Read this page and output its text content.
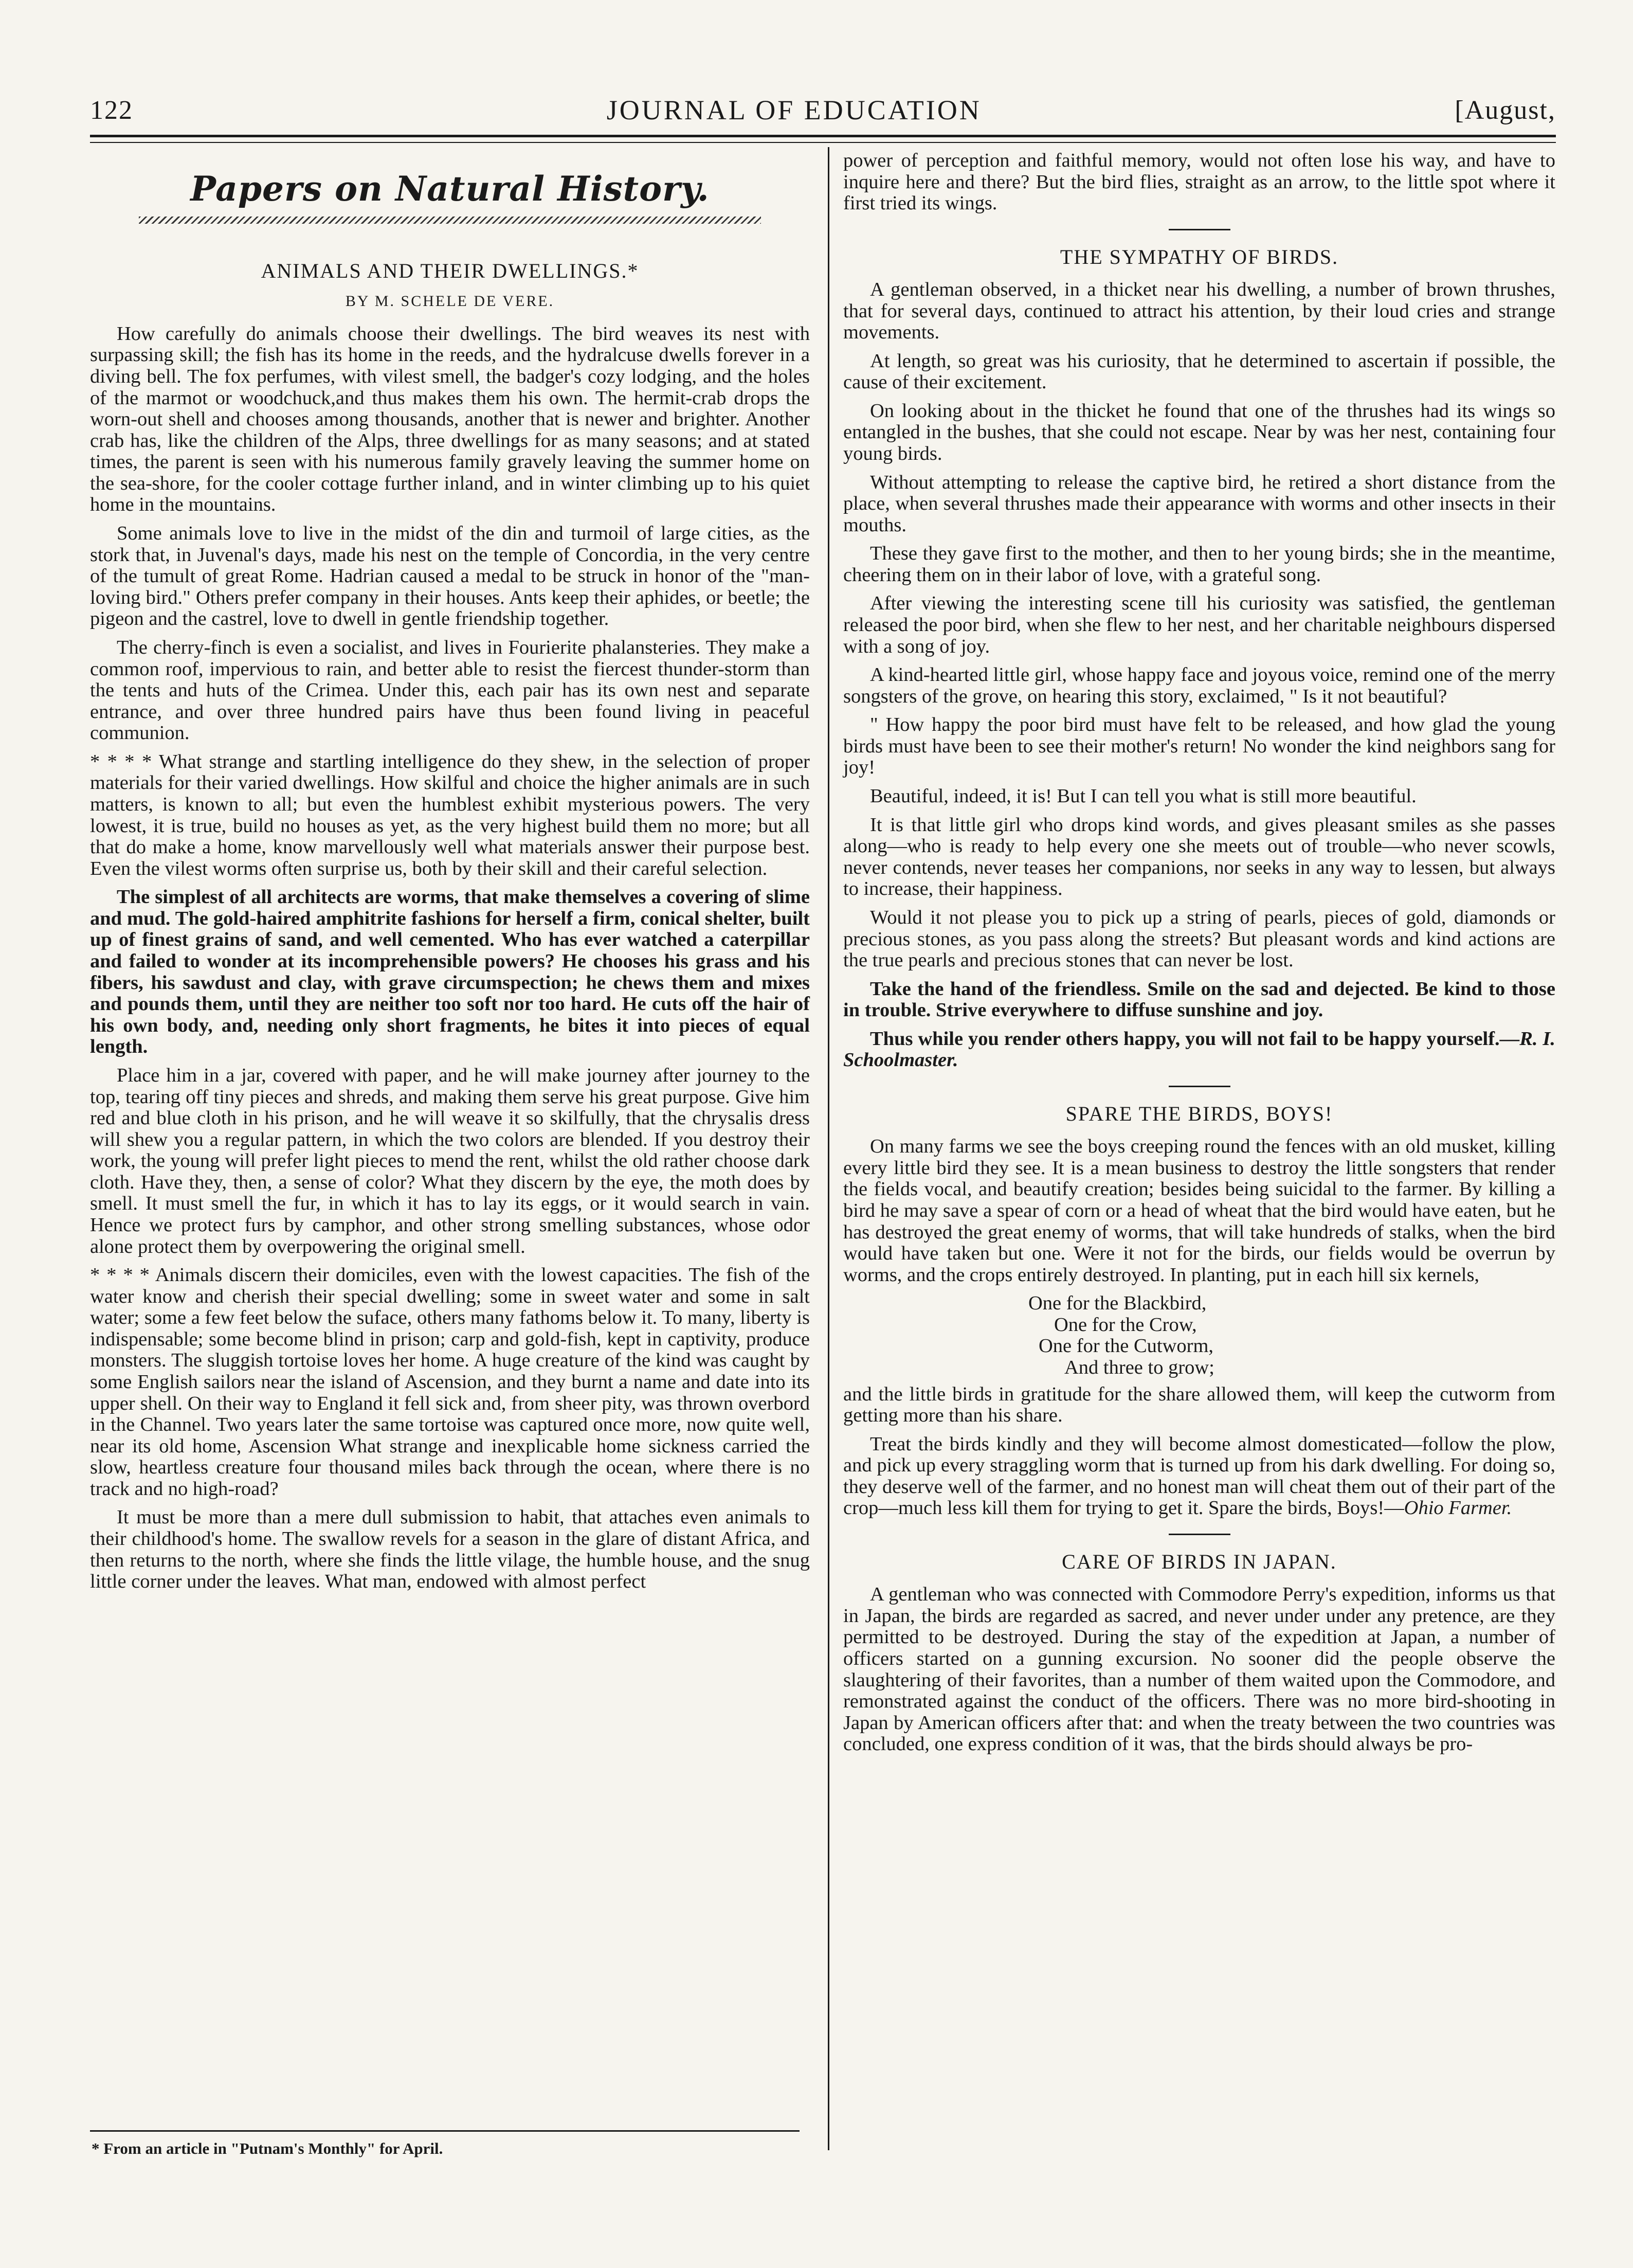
122	JOURNAL OF EDUCATION	[August,
Papers on Natural History.
ANIMALS AND THEIR DWELLINGS.*
BY M. SCHELE DE VERE.

How carefully do animals choose their dwellings. The bird weaves its nest with surpassing skill; the fish has its home in the reeds, and the hydralcuse dwells forever in a diving bell. The fox perfumes, with vilest smell, the badger's cozy lodging, and the holes of the marmot or woodchuck,and thus makes them his own. The hermit-crab drops the worn-out shell and chooses among thousands, another that is newer and brighter. Another crab has, like the children of the Alps, three dwellings for as many seasons; and at stated times, the parent is seen with his numerous family gravely leaving the summer home on the sea-shore, for the cooler cottage further inland, and in winter climbing up to his quiet home in the mountains.

Some animals love to live in the midst of the din and turmoil of large cities, as the stork that, in Juvenal's days, made his nest on the temple of Concordia, in the very centre of the tumult of great Rome. Hadrian caused a medal to be struck in honor of the "man-loving bird." Others prefer company in their houses. Ants keep their aphides, or beetle; the pigeon and the castrel, love to dwell in gentle friendship together.

The cherry-finch is even a socialist, and lives in Fourierite phalansteries. They make a common roof, impervious to rain, and better able to resist the fiercest thunder-storm than the tents and huts of the Crimea. Under this, each pair has its own nest and separate entrance, and over three hundred pairs have thus been found living in peaceful communion.

* * * * What strange and startling intelligence do they shew, in the selection of proper materials for their varied dwellings. How skilful and choice the higher animals are in such matters, is known to all; but even the humblest exhibit mysterious powers. The very lowest, it is true, build no houses as yet, as the very highest build them no more; but all that do make a home, know marvellously well what materials answer their purpose best. Even the vilest worms often surprise us, both by their skill and their careful selection.

The simplest of all architects are worms, that make themselves a covering of slime and mud. The gold-haired amphitrite fashions for herself a firm, conical shelter, built up of finest grains of sand, and well cemented. Who has ever watched a caterpillar and failed to wonder at its incomprehensible powers? He chooses his grass and his fibers, his sawdust and clay, with grave circumspection; he chews them and mixes and pounds them, until they are neither too soft nor too hard. He cuts off the hair of his own body, and, needing only short fragments, he bites it into pieces of equal length.

Place him in a jar, covered with paper, and he will make journey after journey to the top, tearing off tiny pieces and shreds, and making them serve his great purpose. Give him red and blue cloth in his prison, and he will weave it so skilfully, that the chrysalis dress will shew you a regular pattern, in which the two colors are blended. If you destroy their work, the young will prefer light pieces to mend the rent, whilst the old rather choose dark cloth. Have they, then, a sense of color? What they discern by the eye, the moth does by smell. It must smell the fur, in which it has to lay its eggs, or it would search in vain. Hence we protect furs by camphor, and other strong smelling substances, whose odor alone protect them by overpowering the original smell.

* * * * Animals discern their domiciles, even with the lowest capacities. The fish of the water know and cherish their special dwelling; some in sweet water and some in salt water; some a few feet below the suface, others many fathoms below it. To many, liberty is indispensable; some become blind in prison; carp and gold-fish, kept in captivity, produce monsters. The sluggish tortoise loves her home. A huge creature of the kind was caught by some English sailors near the island of Ascension, and they burnt a name and date into its upper shell. On their way to England it fell sick and, from sheer pity, was thrown overbord in the Channel. Two years later the same tortoise was captured once more, now quite well, near its old home, Ascension What strange and inexplicable home sickness carried the slow, heartless creature four thousand miles back through the ocean, where there is no track and no high-road?

It must be more than a mere dull submission to habit, that attaches even animals to their childhood's home. The swallow revels for a season in the glare of distant Africa, and then returns to the north, where she finds the little vilage, the humble house, and the snug little corner under the leaves. What man, endowed with almost perfect

* From an article in "Putnam's Monthly" for April.

power of perception and faithful memory, would not often lose his way, and have to inquire here and there? But the bird flies, straight as an arrow, to the little spot where it first tried its wings.

THE SYMPATHY OF BIRDS.

A gentleman observed, in a thicket near his dwelling, a number of brown thrushes, that for several days, continued to attract his attention, by their loud cries and strange movements.

At length, so great was his curiosity, that he determined to ascertain if possible, the cause of their excitement.

On looking about in the thicket he found that one of the thrushes had its wings so entangled in the bushes, that she could not escape. Near by was her nest, containing four young birds.

Without attempting to release the captive bird, he retired a short distance from the place, when several thrushes made their appearance with worms and other insects in their mouths.

These they gave first to the mother, and then to her young birds; she in the meantime, cheering them on in their labor of love, with a grateful song.

After viewing the interesting scene till his curiosity was satisfied, the gentleman released the poor bird, when she flew to her nest, and her charitable neighbours dispersed with a song of joy.

A kind-hearted little girl, whose happy face and joyous voice, remind one of the merry songsters of the grove, on hearing this story, exclaimed, " Is it not beautiful?

" How happy the poor bird must have felt to be released, and how glad the young birds must have been to see their mother's return! No wonder the kind neighbors sang for joy!

Beautiful, indeed, it is! But I can tell you what is still more beautiful.

It is that little girl who drops kind words, and gives pleasant smiles as she passes along—who is ready to help every one she meets out of trouble—who never scowls, never contends, never teases her companions, nor seeks in any way to lessen, but always to increase, their happiness.

Would it not please you to pick up a string of pearls, pieces of gold, diamonds or precious stones, as you pass along the streets? But pleasant words and kind actions are the true pearls and precious stones that can never be lost.

Take the hand of the friendless. Smile on the sad and dejected. Be kind to those in trouble. Strive everywhere to diffuse sunshine and joy.

Thus while you render others happy, you will not fail to be happy yourself.—R. I. Schoolmaster.

SPARE THE BIRDS, BOYS!

On many farms we see the boys creeping round the fences with an old musket, killing every little bird they see. It is a mean business to destroy the little songsters that render the fields vocal, and beautify creation; besides being suicidal to the farmer. By killing a bird he may save a spear of corn or a head of wheat that the bird would have eaten, but he has destroyed the great enemy of worms, that will take hundreds of stalks, when the bird would have taken but one. Were it not for the birds, our fields would be overrun by worms, and the crops entirely destroyed. In planting, put in each hill six kernels,

One for the Blackbird,
One for the Crow,
One for the Cutworm,
And three to grow;

and the little birds in gratitude for the share allowed them, will keep the cutworm from getting more than his share.

Treat the birds kindly and they will become almost domesticated—follow the plow, and pick up every straggling worm that is turned up from his dark dwelling. For doing so, they deserve well of the farmer, and no honest man will cheat them out of their part of the crop—much less kill them for trying to get it. Spare the birds, Boys!—Ohio Farmer.

CARE OF BIRDS IN JAPAN.

A gentleman who was connected with Commodore Perry's expedition, informs us that in Japan, the birds are regarded as sacred, and never under under any pretence, are they permitted to be destroyed. During the stay of the expedition at Japan, a number of officers started on a gunning excursion. No sooner did the people observe the slaughtering of their favorites, than a number of them waited upon the Commodore, and remonstrated against the conduct of the officers. There was no more bird-shooting in Japan by American officers after that: and when the treaty between the two countries was concluded, one express condition of it was, that the birds should always be pro-
